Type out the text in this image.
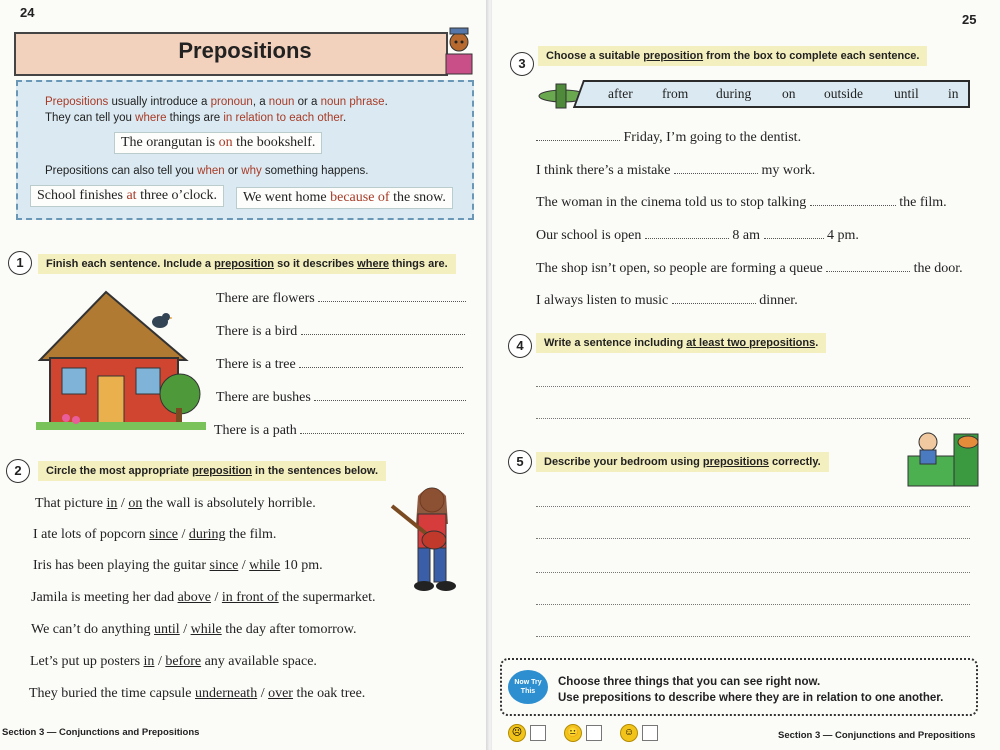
24
Prepositions
Prepositions usually introduce a pronoun, a noun or a noun phrase.
They can tell you where things are in relation to each other.
The orangutan is on the bookshelf.
Prepositions can also tell you when or why something happens.
School finishes at three o’clock.	We went home because of the snow.
1	Finish each sentence. Include a preposition so it describes where things are.
There are flowers
There is a bird
There is a tree
There are bushes
There is a path
2	Circle the most appropriate preposition in the sentences below.
That picture in / on the wall is absolutely horrible.
I ate lots of popcorn since / during the film.
Iris has been playing the guitar since / while 10 pm.
Jamila is meeting her dad above / in front of the supermarket.
We can’t do anything until / while the day after tomorrow.
Let’s put up posters in / before any available space.
They buried the time capsule underneath / over the oak tree.
Section 3 — Conjunctions and Prepositions
25
3	Choose a suitable preposition from the box to complete each sentence.
after from during on outside until in
Friday, I’m going to the dentist.
I think there’s a mistake	my work.
The woman in the cinema told us to stop talking	the film.
Our school is open	8 am	4 pm.
The shop isn’t open, so people are forming a queue	the door.
I always listen to music	dinner.
4	Write a sentence including at least two prepositions.
5	Describe your bedroom using prepositions correctly.
Now Try
This
Choose three things that you can see right now.
Use prepositions to describe where they are in relation to one another.
☹	😐	☺	Section 3 — Conjunctions and Prepositions
